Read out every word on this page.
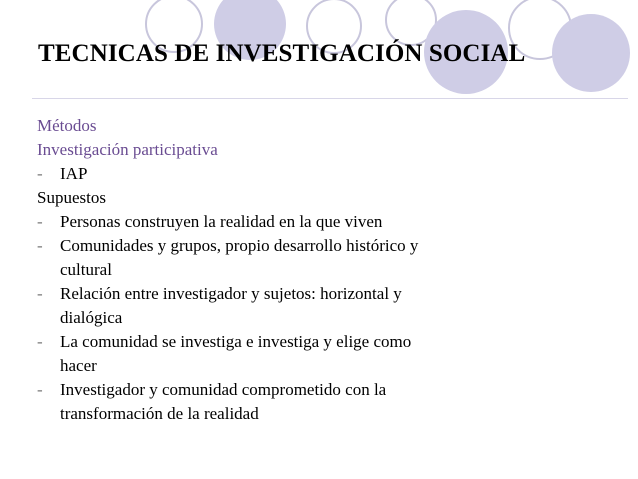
TECNICAS DE INVESTIGACIÓN SOCIAL
Métodos
Investigación participativa
-	IAP
Supuestos
-	Personas construyen la realidad en la que viven
-	Comunidades y grupos, propio desarrollo histórico y
cultural
-	Relación entre investigador y sujetos: horizontal y
dialógica
-	La comunidad se investiga e investiga y elige como
hacer
-	Investigador y comunidad comprometido con la
transformación de la realidad
